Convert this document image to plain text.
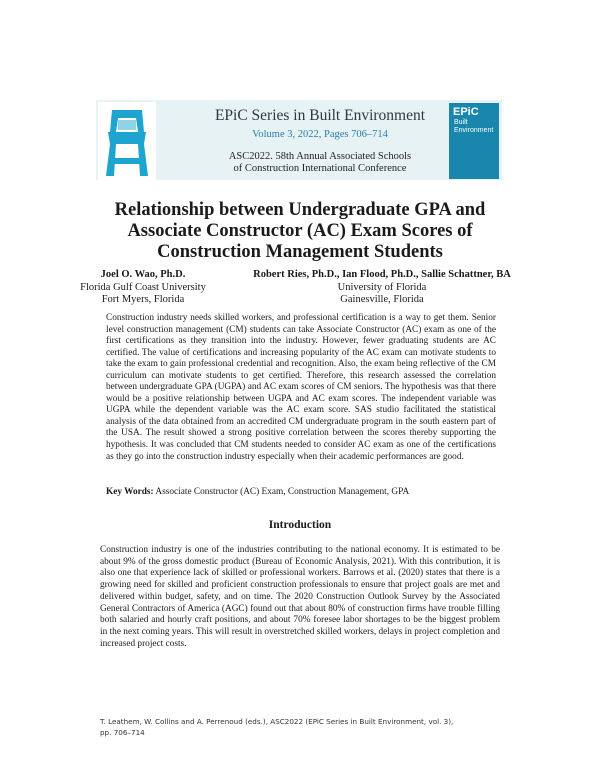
EPiC
Built
Environment
EPiC Series in Built Environment
Volume 3, 2022, Pages 706–714
ASC2022. 58th Annual Associated Schools
of Construction International Conference
Relationship between Undergraduate GPA and
Associate Constructor (AC) Exam Scores of
Construction Management Students
Joel O. Wao, Ph.D.
Florida Gulf Coast University
Fort Myers, Florida
Robert Ries, Ph.D., Ian Flood, Ph.D., Sallie Schattner, BA
University of Florida
Gainesville, Florida
Construction industry needs skilled workers, and professional certification is a way to get them. Senior level construction management (CM) students can take Associate Constructor (AC) exam as one of the first certifications as they transition into the industry. However, fewer graduating students are AC certified. The value of certifications and increasing popularity of the AC exam can motivate students to take the exam to gain professional credential and recognition. Also, the exam being reflective of the CM curriculum can motivate students to get certified. Therefore, this research assessed the correlation between undergraduate GPA (UGPA) and AC exam scores of CM seniors. The hypothesis was that there would be a positive relationship between UGPA and AC exam scores. The independent variable was UGPA while the dependent variable was the AC exam score. SAS studio facilitated the statistical analysis of the data obtained from an accredited CM undergraduate program in the south eastern part of the USA. The result showed a strong positive correlation between the scores thereby supporting the hypothesis. It was concluded that CM students needed to consider AC exam as one of the certifications as they go into the construction industry especially when their academic performances are good.
Key Words: Associate Constructor (AC) Exam, Construction Management, GPA
Introduction
Construction industry is one of the industries contributing to the national economy. It is estimated to be about 9% of the gross domestic product (Bureau of Economic Analysis, 2021). With this contribution, it is also one that experience lack of skilled or professional workers. Barrows et al. (2020) states that there is a growing need for skilled and proficient construction professionals to ensure that project goals are met and delivered within budget, safety, and on time. The 2020 Construction Outlook Survey by the Associated General Contractors of America (AGC) found out that about 80% of construction firms have trouble filling both salaried and hourly craft positions, and about 70% foresee labor shortages to be the biggest problem in the next coming years. This will result in overstretched skilled workers, delays in project completion and increased project costs.
T. Leathem, W. Collins and A. Perrenoud (eds.), ASC2022 (EPiC Series in Built Environment, vol. 3),
pp. 706–714
